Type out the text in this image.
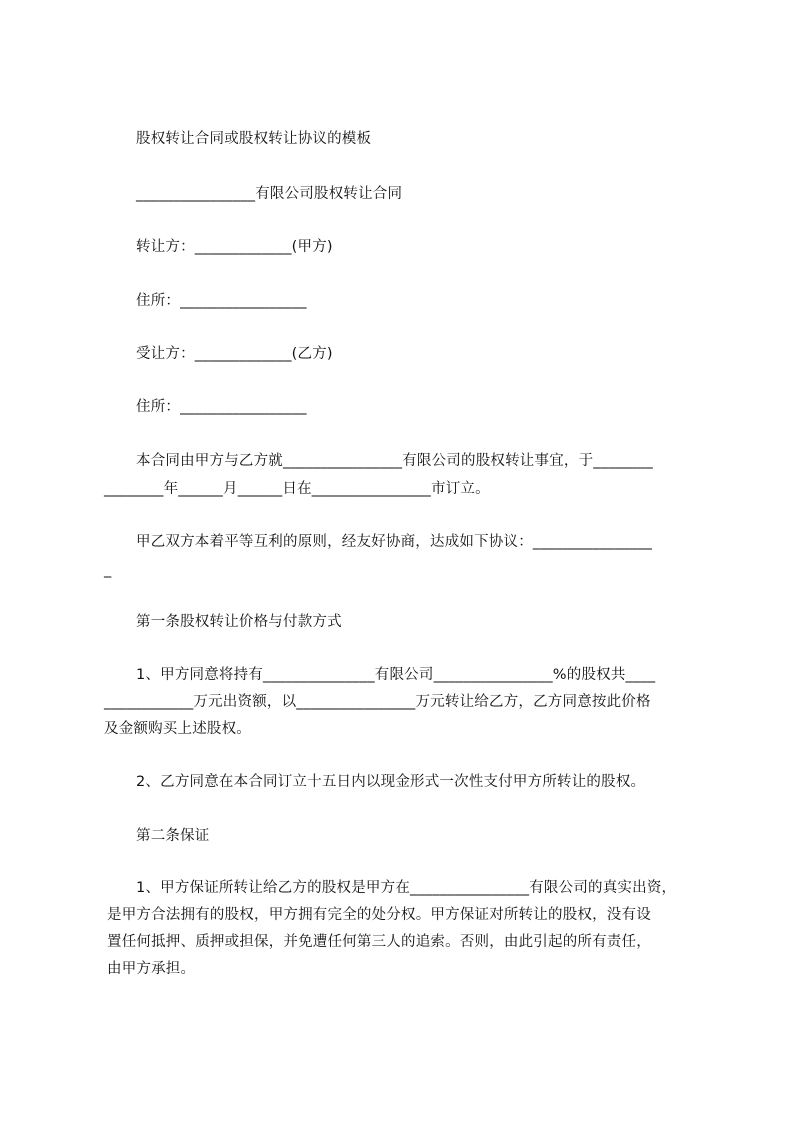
股权转让合同或股权转让协议的模板
________________有限公司股权转让合同
转让方：_____________(甲方)
住所：_________________
受让方：_____________(乙方)
住所：_________________
本合同由甲方与乙方就________________有限公司的股权转让事宜，于________
________年______月______日在________________市订立。
甲乙双方本着平等互利的原则，经友好协商，达成如下协议：________________
_
第一条股权转让价格与付款方式
1、甲方同意将持有_______________有限公司________________%的股权共____
____________万元出资额，以________________万元转让给乙方，乙方同意按此价格
及金额购买上述股权。
2、乙方同意在本合同订立十五日内以现金形式一次性支付甲方所转让的股权。
第二条保证
1、甲方保证所转让给乙方的股权是甲方在________________有限公司的真实出资，
是甲方合法拥有的股权，甲方拥有完全的处分权。甲方保证对所转让的股权，没有设
置任何抵押、质押或担保，并免遭任何第三人的追索。否则，由此引起的所有责任，
由甲方承担。
